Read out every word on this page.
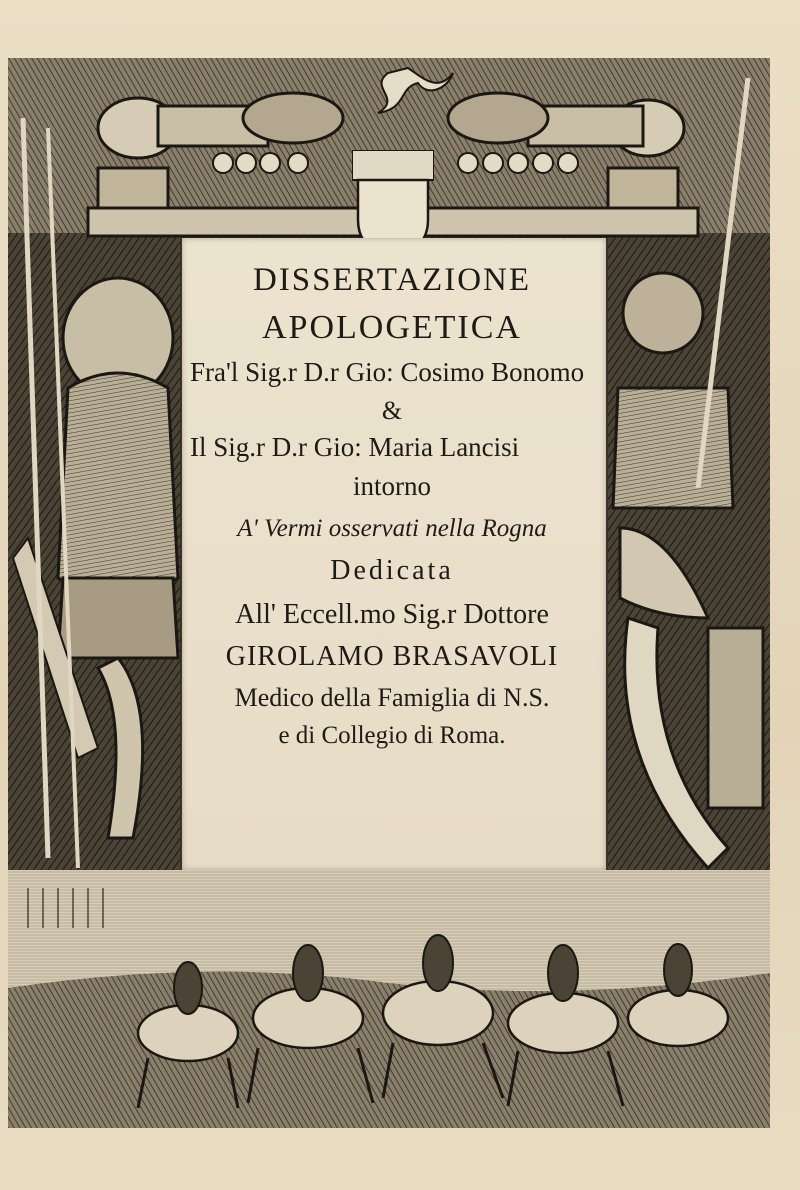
DISSERTAZIONE
APOLOGETICA
Fra'l Sig.r D.r Gio: Cosimo Bonomo
&
Il Sig.r D.r Gio: Maria Lancisi
intorno
A' Vermi osservati nella Rogna
Dedicata
All' Eccell.mo Sig.r Dottore
GIROLAMO BRASAVOLI
Medico della Famiglia di N.S.
e di Collegio di Roma.
